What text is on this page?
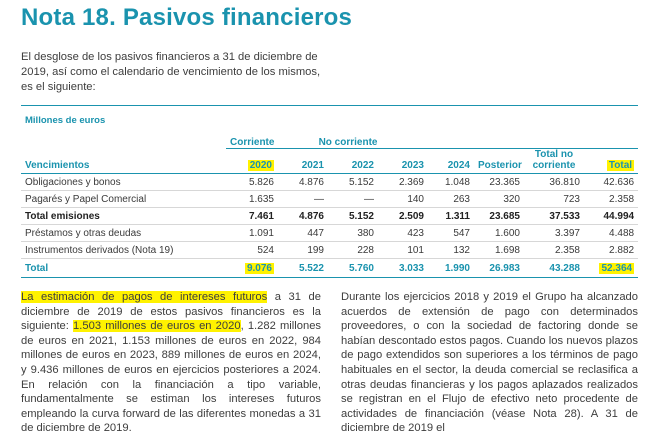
Nota 18. Pasivos financieros
El desglose de los pasivos financieros a 31 de diciembre de 2019, así como el calendario de vencimiento de los mismos, es el siguiente:
Millones de euros
	Corriente	No corriente						
Vencimientos	2020	2021	2022	2023	2024	Posterior	Total no corriente	Total
Obligaciones y bonos	5.826	4.876	5.152	2.369	1.048	23.365	36.810	42.636
Pagarés y Papel Comercial	1.635	—	—	140	263	320	723	2.358
Total emisiones	7.461	4.876	5.152	2.509	1.311	23.685	37.533	44.994
Préstamos y otras deudas	1.091	447	380	423	547	1.600	3.397	4.488
Instrumentos derivados (Nota 19)	524	199	228	101	132	1.698	2.358	2.882
Total	9.076	5.522	5.760	3.033	1.990	26.983	43.288	52.364
La estimación de pagos de intereses futuros a 31 de diciembre de 2019 de estos pasivos financieros es la siguiente: 1.503 millones de euros en 2020, 1.282 millones de euros en 2021, 1.153 millones de euros en 2022, 984 millones de euros en 2023, 889 millones de euros en 2024, y 9.436 millones de euros en ejercicios posteriores a 2024. En relación con la financiación a tipo variable, fundamentalmente se estiman los intereses futuros empleando la curva forward de las diferentes monedas a 31 de diciembre de 2019.
Durante los ejercicios 2018 y 2019 el Grupo ha alcanzado acuerdos de extensión de pago con determinados proveedores, o con la sociedad de factoring donde se habían descontado estos pagos. Cuando los nuevos plazos de pago extendidos son superiores a los términos de pago habituales en el sector, la deuda comercial se reclasifica a otras deudas financieras y los pagos aplazados realizados se registran en el Flujo de efectivo neto procedente de actividades de financiación (véase Nota 28). A 31 de diciembre de 2019 el
